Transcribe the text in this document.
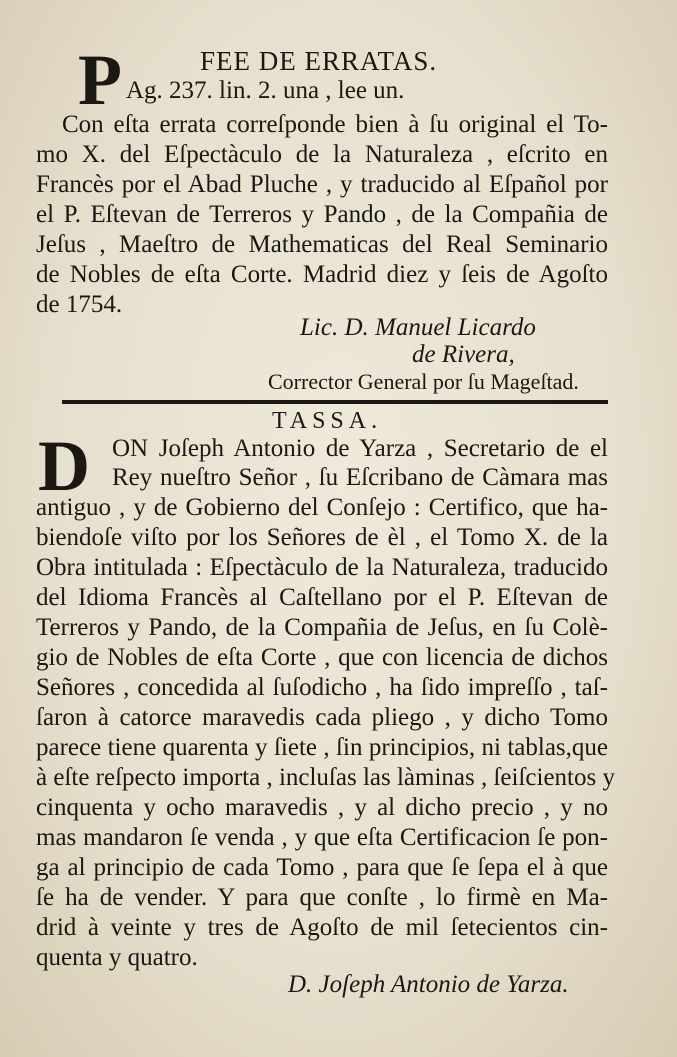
FEE DE ERRATAS.
P Ag. 237. lin. 2. una , lee un.
Con eſta errata correſponde bien à ſu original el To-
mo X. del Eſpectàculo de la Naturaleza , eſcrito en
Francès por el Abad Pluche , y traducido al Eſpañol por
el P. Eſtevan de Terreros y Pando , de la Compañia de
Jeſus , Maeſtro de Mathematicas del Real Seminario
de Nobles de eſta Corte. Madrid diez y ſeis de Agoſto
de 1754.
Lic. D. Manuel Licardo
de Rivera,
Corrector General por ſu Mageſtad.
TASSA.
D ON Joſeph Antonio de Yarza , Secretario de el
Rey nueſtro Señor , ſu Eſcribano de Càmara mas
antiguo , y de Gobierno del Conſejo : Certifico, que ha-
biendoſe viſto por los Señores de èl , el Tomo X. de la
Obra intitulada : Eſpectàculo de la Naturaleza, traducido
del Idioma Francès al Caſtellano por el P. Eſtevan de
Terreros y Pando, de la Compañia de Jeſus, en ſu Colè-
gio de Nobles de eſta Corte , que con licencia de dichos
Señores , concedida al ſuſodicho , ha ſido impreſſo , taſ-
ſaron à catorce maravedis cada pliego , y dicho Tomo
parece tiene quarenta y ſiete , ſin principios, ni tablas,que
à eſte reſpecto importa , incluſas las làminas , ſeiſcientos y
cinquenta y ocho maravedis , y al dicho precio , y no
mas mandaron ſe venda , y que eſta Certificacion ſe pon-
ga al principio de cada Tomo , para que ſe ſepa el à que
ſe ha de vender. Y para que conſte , lo firmè en Ma-
drid à veinte y tres de Agoſto de mil ſetecientos cin-
quenta y quatro.
D. Joſeph Antonio de Yarza.
